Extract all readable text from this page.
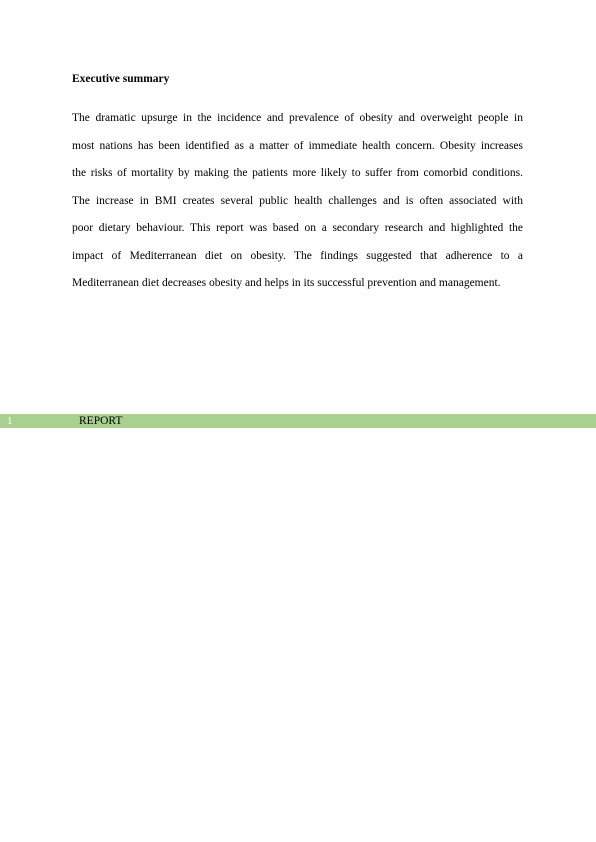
Executive summary

The dramatic upsurge in the incidence and prevalence of obesity and overweight people in
most nations has been identified as a matter of immediate health concern. Obesity increases
the risks of mortality by making the patients more likely to suffer from comorbid conditions.
The increase in BMI creates several public health challenges and is often associated with
poor dietary behaviour. This report was based on a secondary research and highlighted the
impact of Mediterranean diet on obesity. The findings suggested that adherence to a
Mediterranean diet decreases obesity and helps in its successful prevention and management.

1	REPORT
